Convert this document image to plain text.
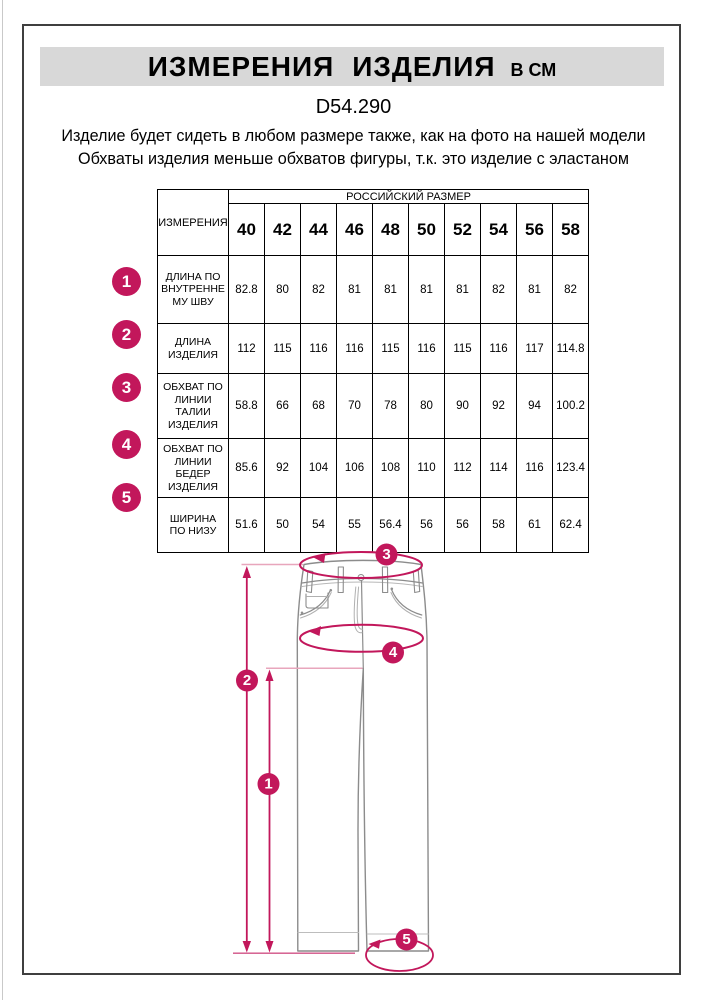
ИЗМЕРЕНИЯ ИЗДЕЛИЯ В СМ
D54.290
Изделие будет сидеть в любом размере также, как на фото на нашей модели
Обхваты изделия меньше обхватов фигуры, т.к. это изделие с эластаном
ИЗМЕРЕНИЯ	РОССИЙСКИЙ РАЗМЕР									
	40	42	44	46	48	50	52	54	56	58
ДЛИНА ПО ВНУТРЕННЕМУ ШВУ	82.8	80	82	81	81	81	81	82	81	82
ДЛИНА ИЗДЕЛИЯ	112	115	116	116	115	116	115	116	117	114.8
ОБХВАТ ПО ЛИНИИ ТАЛИИ ИЗДЕЛИЯ	58.8	66	68	70	78	80	90	92	94	100.2
ОБХВАТ ПО ЛИНИИ БЕДЕР ИЗДЕЛИЯ	85.6	92	104	106	108	110	112	114	116	123.4
ШИРИНА ПО НИЗУ	51.6	50	54	55	56.4	56	56	58	61	62.4
1
2
3
4
5
1
2
3
4
5
